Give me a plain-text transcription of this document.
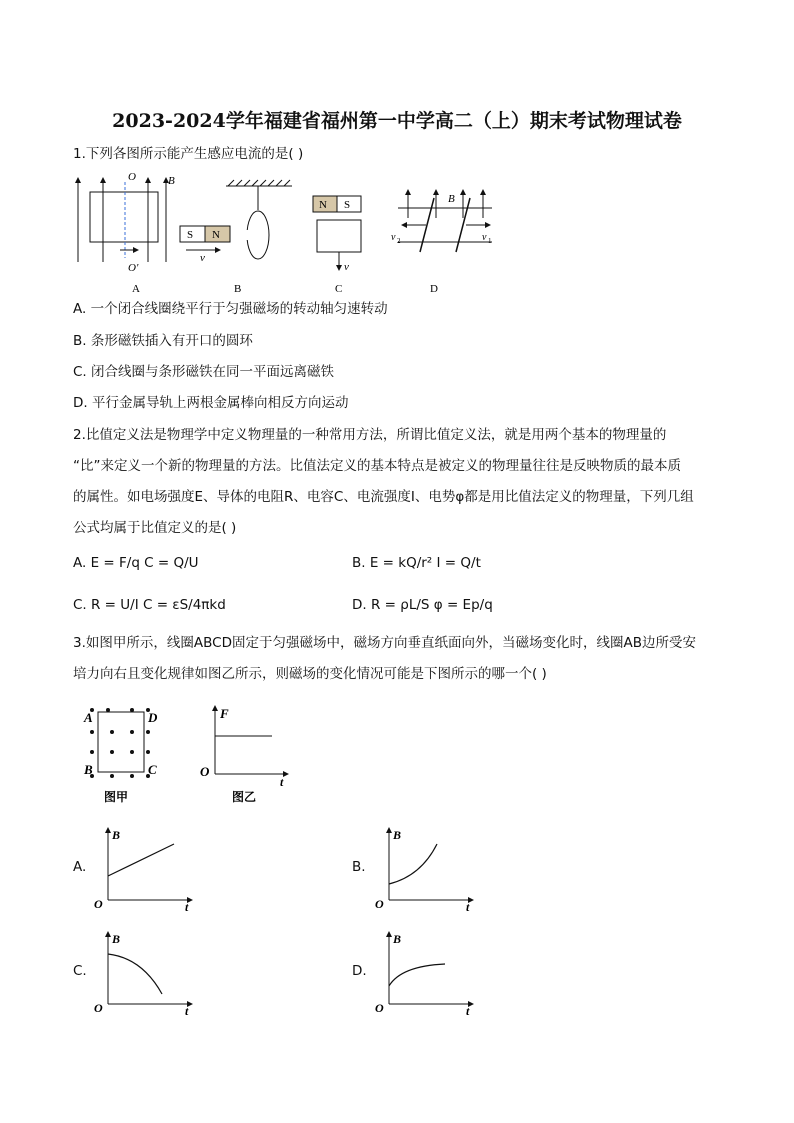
2023-2024学年福建省福州第一中学高二（上）期末考试物理试卷
1.下列各图所示能产生感应电流的是( )
O
O'
B
S N
v
N S
v
B
v 2	v 1
A	B	C	D
A. 一个闭合线圈绕平行于匀强磁场的转动轴匀速转动
B. 条形磁铁插入有开口的圆环
C. 闭合线圈与条形磁铁在同一平面远离磁铁
D. 平行金属导轨上两根金属棒向相反方向运动
2.比值定义法是物理学中定义物理量的一种常用方法，所谓比值定义法，就是用两个基本的物理量的
“比”来定义一个新的物理量的方法。比值法定义的基本特点是被定义的物理量往往是反映物质的最本质
的属性。如电场强度E、导体的电阻R、电容C、电流强度I、电势φ都是用比值法定义的物理量，下列几组
公式均属于比值定义的是( )
A. E = F/q C = Q/U	B. E = kQ/r² I = Q/t
C. R = U/I C = εS/4πkd	D. R = ρL/S φ = Ep/q
3.如图甲所示，线圈ABCD固定于匀强磁场中，磁场方向垂直纸面向外，当磁场变化时，线圈AB边所受安
培力向右且变化规律如图乙所示，则磁场的变化情况可能是下图所示的哪一个( )
A	D
B	C
图甲
F
t
O
图乙
A.	B.
C.	D.
B
t
O
B
t
O
B
t
O
B
t
O
